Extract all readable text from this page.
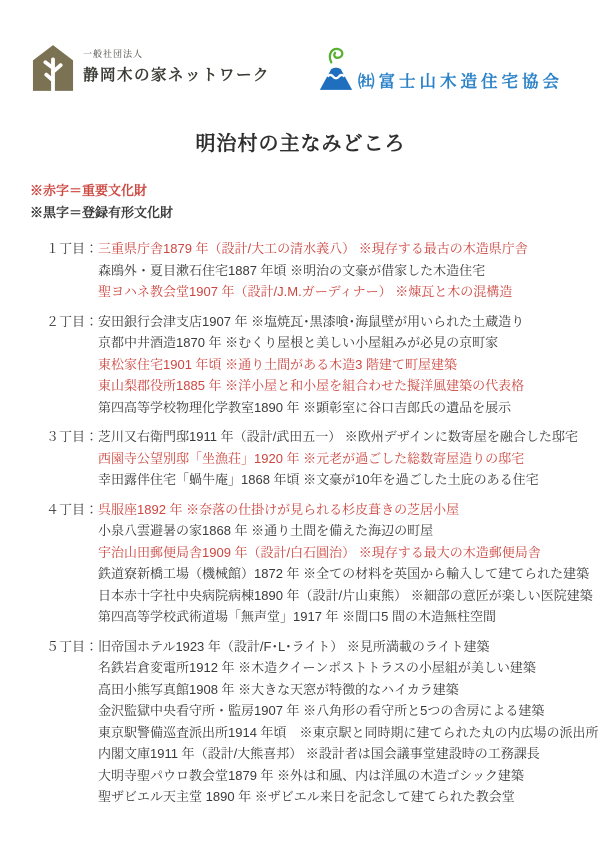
一般社団法人
静岡木の家ネットワーク	㈳富士山木造住宅協会
明治村の主なみどころ
※赤字＝重要文化財
※黒字＝登録有形文化財
１丁目： 三重県庁舎1879 年（設計/大工の清水義八） ※現存する最古の木造県庁舎
森鴎外・夏目漱石住宅1887 年頃 ※明治の文豪が借家した木造住宅
聖ヨハネ教会堂1907 年（設計/J.M.ガーディナー） ※煉瓦と木の混構造
２丁目： 安田銀行会津支店1907 年 ※塩焼瓦･黒漆喰･海鼠壁が用いられた土蔵造り
京都中井酒造1870 年 ※むくり屋根と美しい小屋組みが必見の京町家
東松家住宅1901 年頃 ※通り土間がある木造3 階建て町屋建築
東山梨郡役所1885 年 ※洋小屋と和小屋を組合わせた擬洋風建築の代表格
第四高等学校物理化学教室1890 年 ※顕彰室に谷口吉郎氏の遺品を展示
３丁目： 芝川又右衛門邸1911 年（設計/武田五一） ※欧州デザインに数寄屋を融合した邸宅
西園寺公望別邸「坐漁荘」1920 年 ※元老が過ごした総数寄屋造りの邸宅
幸田露伴住宅「蝸牛庵」1868 年頃 ※文豪が10年を過ごした土庇のある住宅
４丁目： 呉服座1892 年 ※奈落の仕掛けが見られる杉皮葺きの芝居小屋
小泉八雲避暑の家1868 年 ※通り土間を備えた海辺の町屋
宇治山田郵便局舎1909 年（設計/白石圓治） ※現存する最大の木造郵便局舎
鉄道寮新橋工場（機械館）1872 年 ※全ての材料を英国から輸入して建てられた建築
日本赤十字社中央病院病棟1890 年（設計/片山東熊） ※細部の意匠が楽しい医院建築
第四高等学校武術道場「無声堂」1917 年 ※間口5 間の木造無柱空間
５丁目： 旧帝国ホテル1923 年（設計/F･L･ライト） ※見所満載のライト建築
名鉄岩倉変電所1912 年 ※木造クイーンポストトラスの小屋組が美しい建築
高田小熊写真館1908 年 ※大きな天窓が特徴的なハイカラ建築
金沢監獄中央看守所・監房1907 年 ※八角形の看守所と5つの舎房による建築
東京駅警備巡査派出所1914 年頃　※東京駅と同時期に建てられた丸の内広場の派出所
内閣文庫1911 年（設計/大熊喜邦） ※設計者は国会議事堂建設時の工務課長
大明寺聖パウロ教会堂1879 年 ※外は和風、内は洋風の木造ゴシック建築
聖ザビエル天主堂 1890 年 ※ザビエル来日を記念して建てられた教会堂
